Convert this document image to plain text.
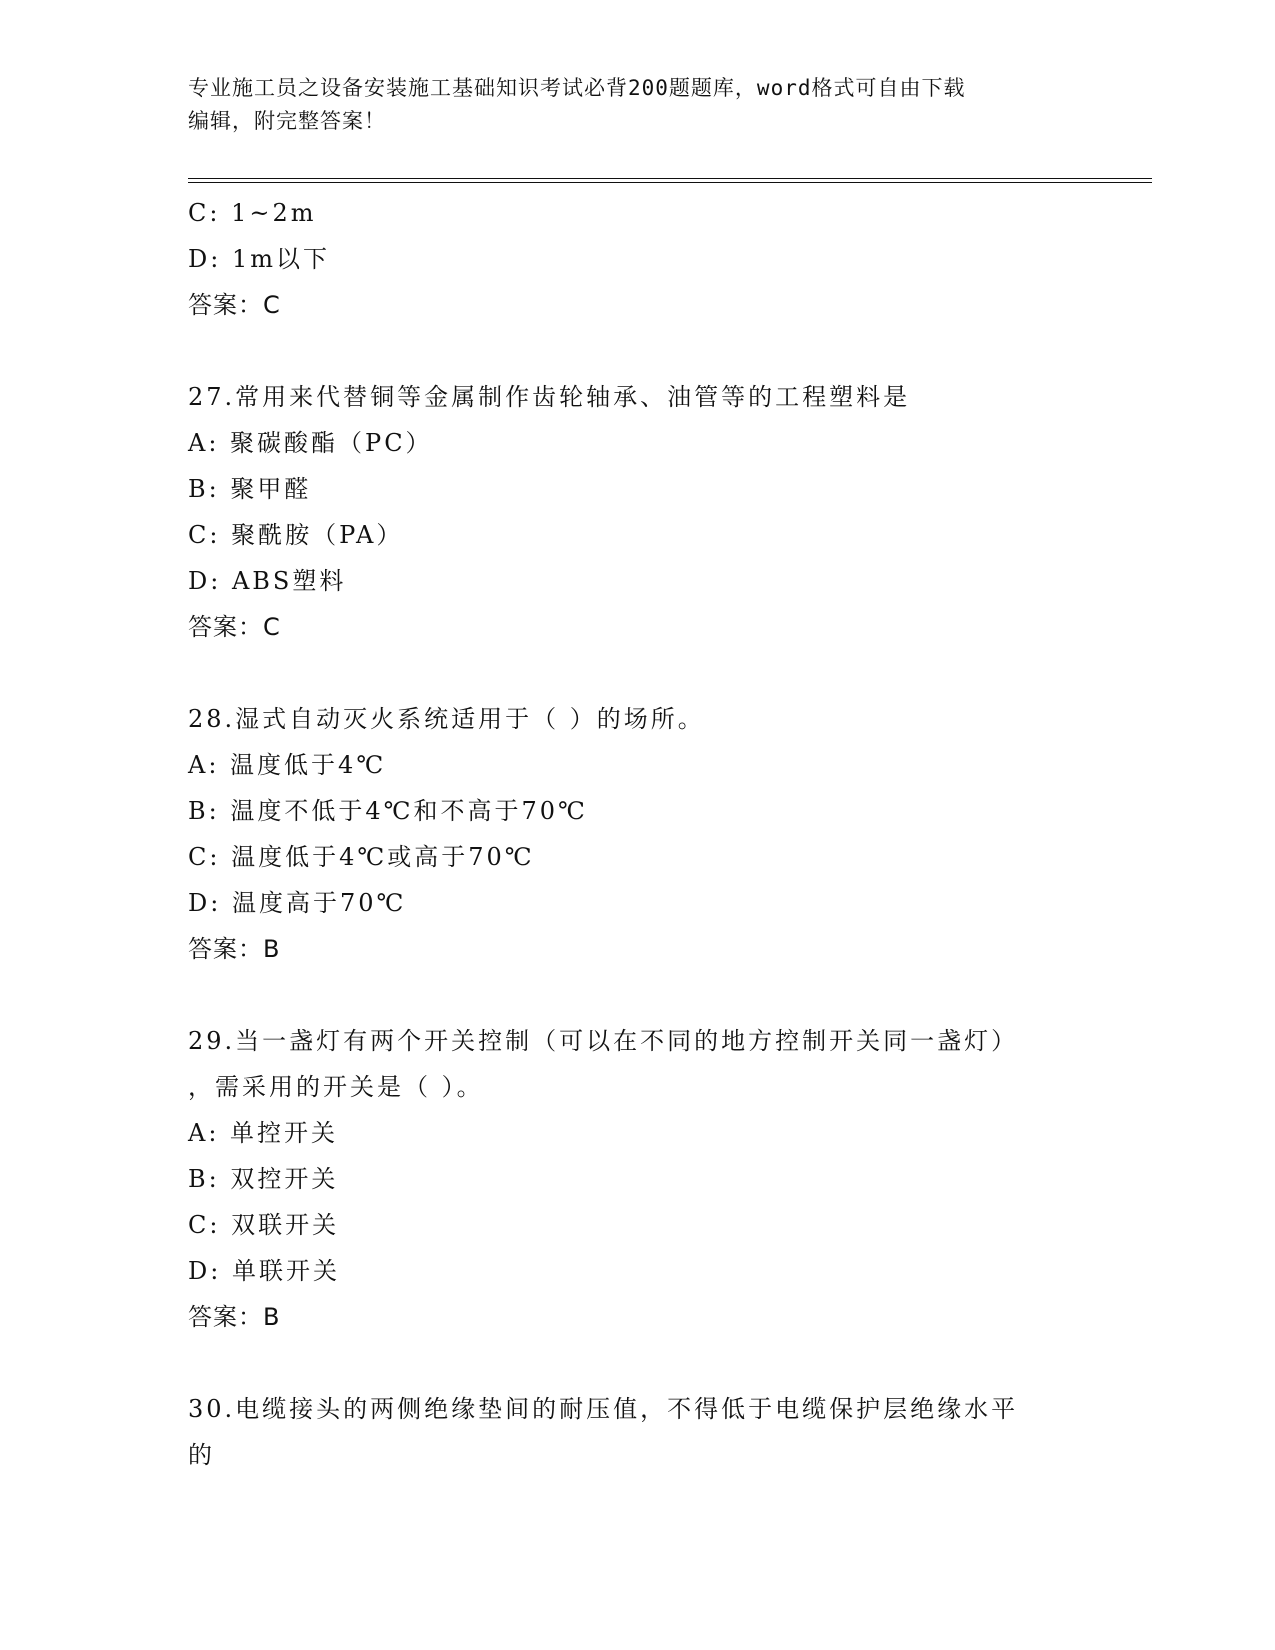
专业施工员之设备安装施工基础知识考试必背200题题库，word格式可自由下载
编辑，附完整答案！
C: 1~2m
D: 1m以下
答案：C
27.常用来代替铜等金属制作齿轮轴承、油管等的工程塑料是
A: 聚碳酸酯（PC）
B: 聚甲醛
C: 聚酰胺（PA）
D: ABS塑料
答案：C
28.湿式自动灭火系统适用于（ ）的场所。
A: 温度低于4℃
B: 温度不低于4℃和不高于70℃
C: 温度低于4℃或高于70℃
D: 温度高于70℃
答案：B
29.当一盏灯有两个开关控制（可以在不同的地方控制开关同一盏灯）
，需采用的开关是（ ）。
A: 单控开关
B: 双控开关
C: 双联开关
D: 单联开关
答案：B
30.电缆接头的两侧绝缘垫间的耐压值，不得低于电缆保护层绝缘水平
的
